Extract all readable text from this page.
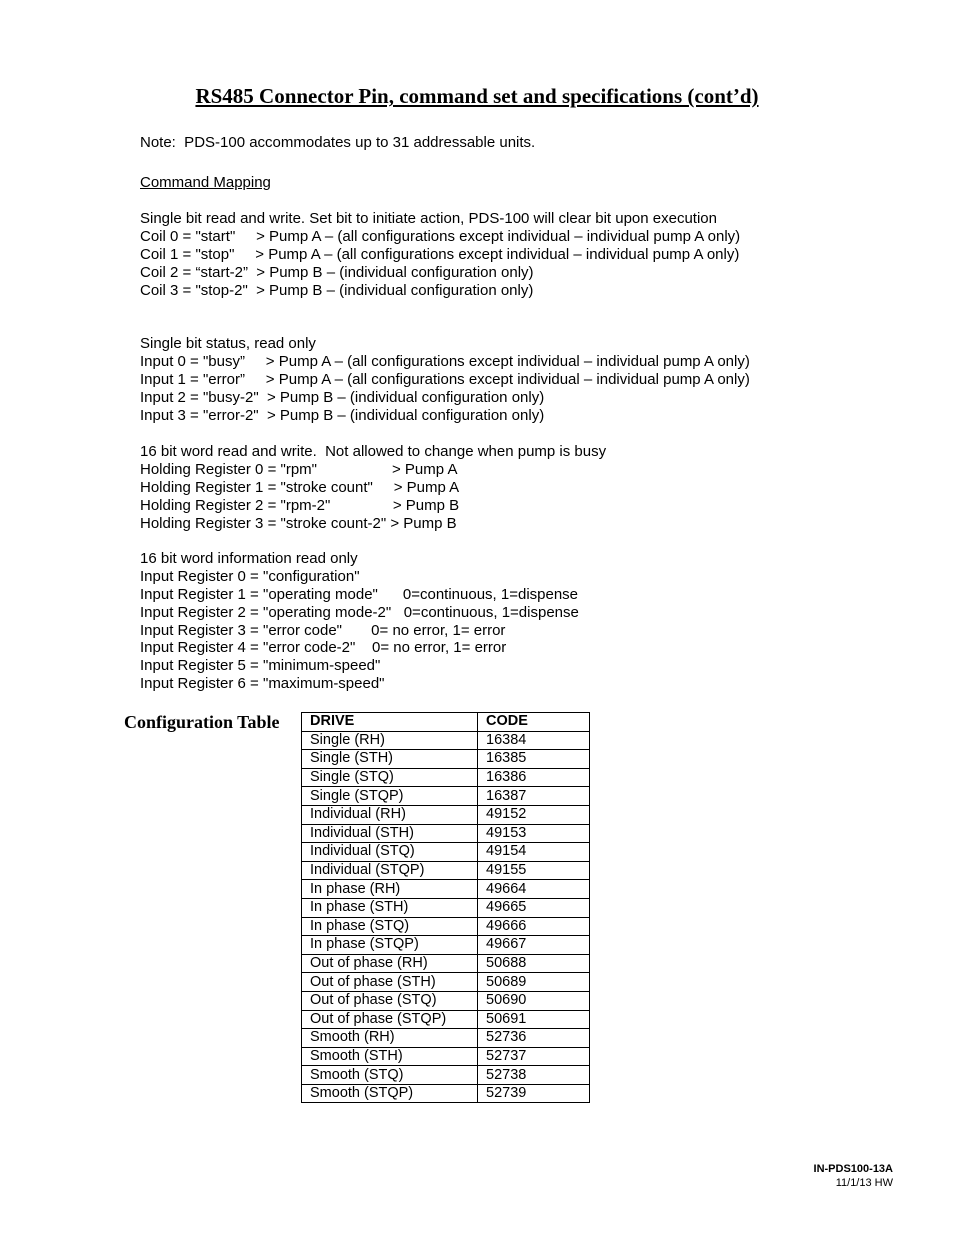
RS485 Connector Pin, command set and specifications (cont’d)
Note:  PDS-100 accommodates up to 31 addressable units.
Command Mapping
Single bit read and write. Set bit to initiate action, PDS-100 will clear bit upon execution
Coil 0 = "start"     > Pump A – (all configurations except individual – individual pump A only)
Coil 1 = "stop"     > Pump A – (all configurations except individual – individual pump A only)
Coil 2 = “start-2”  > Pump B – (individual configuration only)
Coil 3 = "stop-2"  > Pump B – (individual configuration only)
Single bit status, read only
Input 0 = "busy”     > Pump A – (all configurations except individual – individual pump A only)
Input 1 = "error”     > Pump A – (all configurations except individual – individual pump A only)
Input 2 = "busy-2"  > Pump B – (individual configuration only)
Input 3 = "error-2"  > Pump B – (individual configuration only)
16 bit word read and write.  Not allowed to change when pump is busy
Holding Register 0 = "rpm"                  > Pump A
Holding Register 1 = "stroke count"     > Pump A
Holding Register 2 = "rpm-2"               > Pump B
Holding Register 3 = "stroke count-2" > Pump B
16 bit word information read only
Input Register 0 = "configuration"
Input Register 1 = "operating mode"      0=continuous, 1=dispense
Input Register 2 = "operating mode-2"   0=continuous, 1=dispense
Input Register 3 = "error code"       0= no error, 1= error
Input Register 4 = "error code-2"    0= no error, 1= error
Input Register 5 = "minimum-speed"
Input Register 6 = "maximum-speed"
Configuration Table DRIVE	CODE
Single (RH)	16384
Single (STH)	16385
Single (STQ)	16386
Single (STQP)	16387
Individual (RH)	49152
Individual (STH)	49153
Individual (STQ)	49154
Individual (STQP)	49155
In phase (RH)	49664
In phase (STH)	49665
In phase (STQ)	49666
In phase (STQP)	49667
Out of phase (RH)	50688
Out of phase (STH)	50689
Out of phase (STQ)	50690
Out of phase (STQP)	50691
Smooth (RH)	52736
Smooth (STH)	52737
Smooth (STQ)	52738
Smooth (STQP)	52739
IN-PDS100-13A
11/1/13 HW
